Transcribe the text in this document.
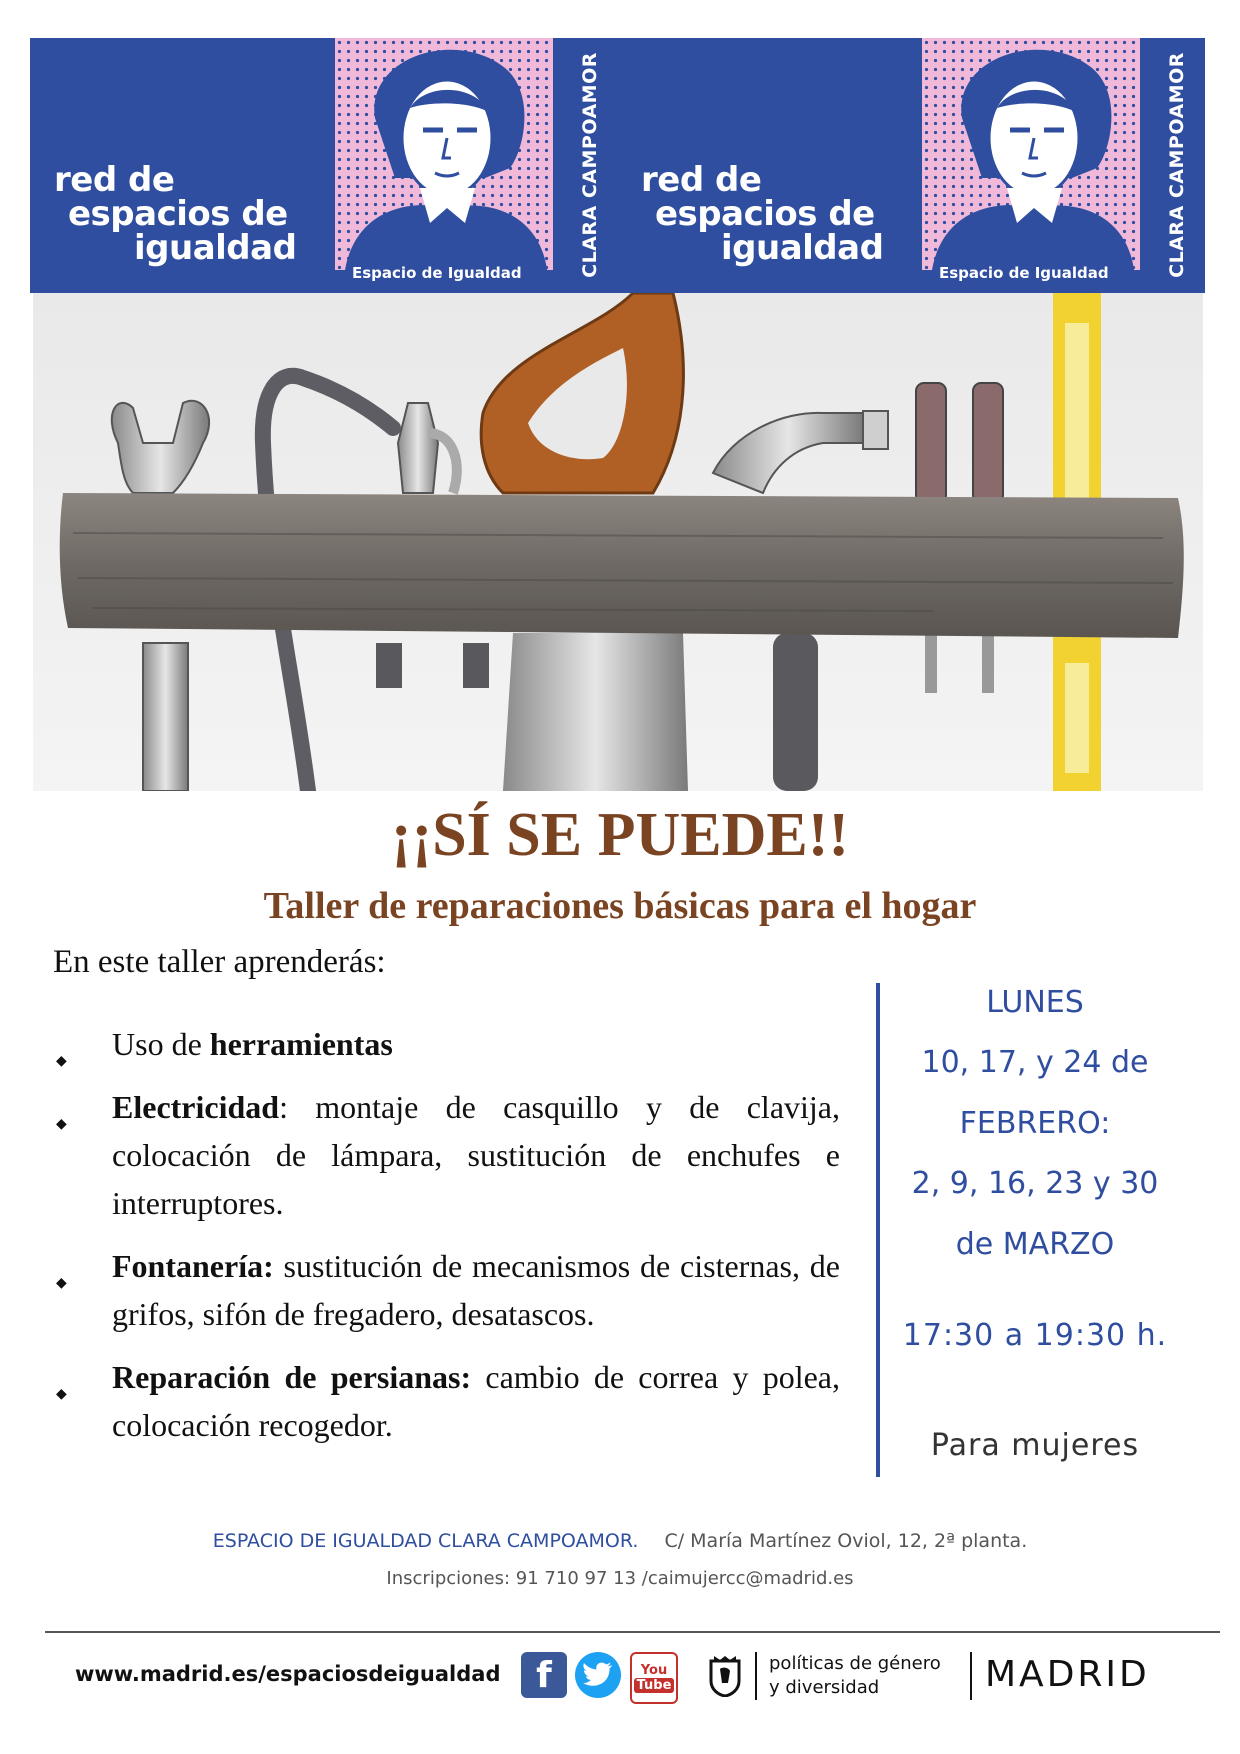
red de
espacios de
igualdad
Espacio de Igualdad	CLARA CAMPOAMOR red de
espacios de
igualdad
Espacio de Igualdad	CLARA CAMPOAMOR
¡¡SÍ SE PUEDE!!
Taller de reparaciones básicas para el hogar
En este taller aprenderás:
◆ Uso de herramientas
◆ Electricidad: montaje de casquillo y de clavija, colocación de lámpara, sustitución de enchufes e interruptores.
◆ Fontanería: sustitución de mecanismos de cisternas, de grifos, sifón de fregadero, desatascos.
◆ Reparación de persianas: cambio de correa y polea, colocación recogedor.
LUNES
10, 17, y 24 de
FEBRERO:
2, 9, 16, 23 y 30
de MARZO
17:30 a 19:30 h.
Para mujeres
ESPACIO DE IGUALDAD CLARA CAMPOAMOR. C/ María Martínez Oviol, 12, 2ª planta.
Inscripciones: 91 710 97 13 /caimujercc@madrid.es
www.madrid.es/espaciosdeigualdad f	You
Tube
políticas de género
y diversidad	MADRID
